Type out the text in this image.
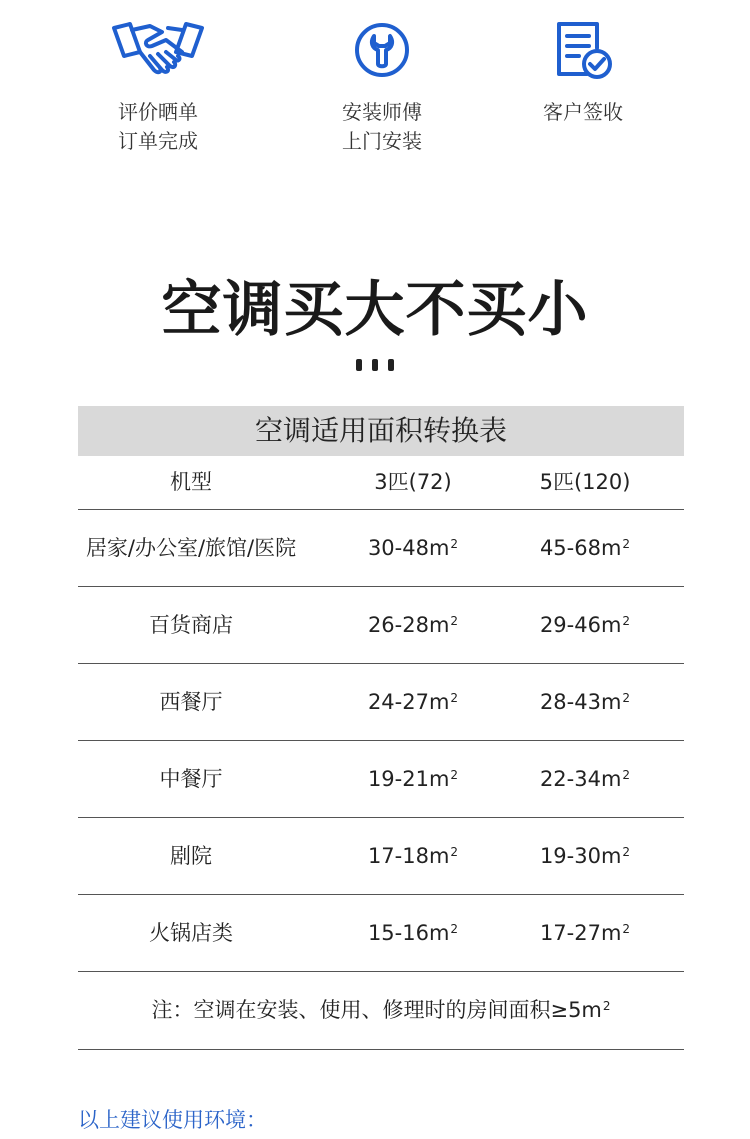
评价晒单
订单完成
安装师傅
上门安装
客户签收
空调买大不买小
空调适用面积转换表
机型	3匹(72)	5匹(120)
居家/办公室/旅馆/医院	$30-48m^2$	$45-68m^2$
百货商店	$26-28m^2$	$29-46m^2$
西餐厅	$24-27m^2$	$28-43m^2$
中餐厅	$19-21m^2$	$22-34m^2$
剧院	$17-18m^2$	$19-30m^2$
火锅店类	$15-16m^2$	$17-27m^2$
注：空调在安装、使用、修理时的房间面积$\ge 5m^2$
以上建议使用环境：
